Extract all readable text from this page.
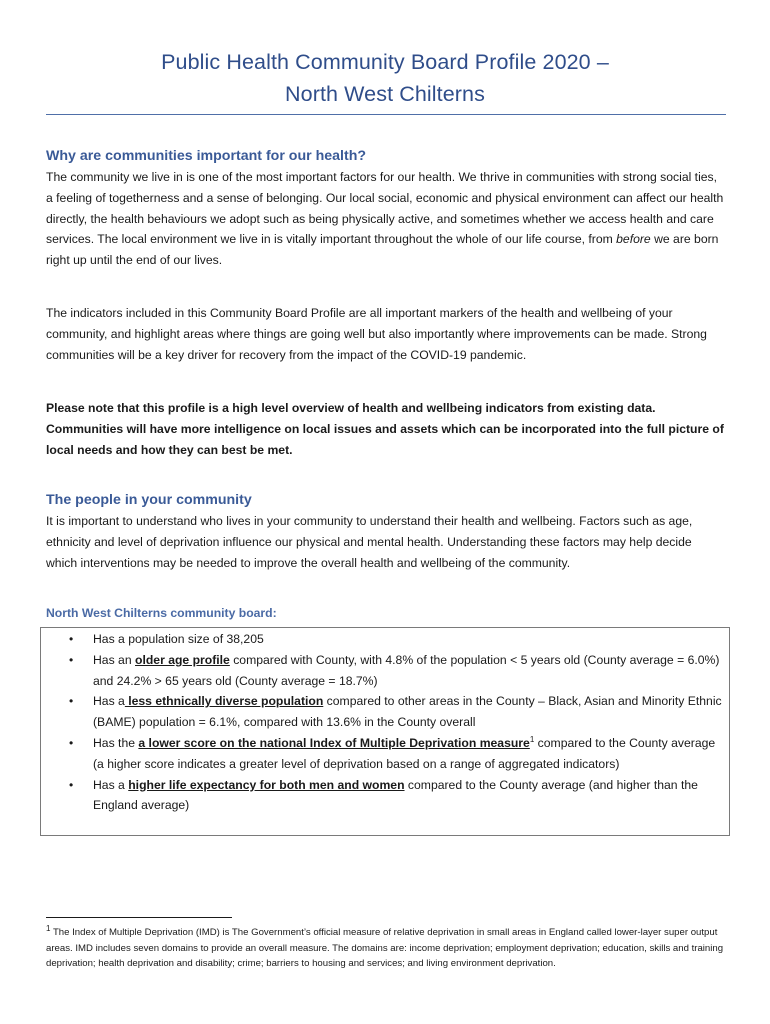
Public Health Community Board Profile 2020 –
North West Chilterns
Why are communities important for our health?
The community we live in is one of the most important factors for our health. We thrive in communities with strong social ties, a feeling of togetherness and a sense of belonging. Our local social, economic and physical environment can affect our health directly, the health behaviours we adopt such as being physically active, and sometimes whether we access health and care services. The local environment we live in is vitally important throughout the whole of our life course, from before we are born right up until the end of our lives.
The indicators included in this Community Board Profile are all important markers of the health and wellbeing of your community, and highlight areas where things are going well but also importantly where improvements can be made. Strong communities will be a key driver for recovery from the impact of the COVID-19 pandemic.
Please note that this profile is a high level overview of health and wellbeing indicators from existing data. Communities will have more intelligence on local issues and assets which can be incorporated into the full picture of local needs and how they can best be met.
The people in your community
It is important to understand who lives in your community to understand their health and wellbeing. Factors such as age, ethnicity and level of deprivation influence our physical and mental health. Understanding these factors may help decide which interventions may be needed to improve the overall health and wellbeing of the community.
North West Chilterns community board:
• Has a population size of 38,205
• Has an older age profile compared with County, with 4.8% of the population < 5 years old (County average = 6.0%) and 24.2% > 65 years old (County average = 18.7%)
• Has a less ethnically diverse population compared to other areas in the County – Black, Asian and Minority Ethnic (BAME) population = 6.1%, compared with 13.6% in the County overall
• Has the a lower score on the national Index of Multiple Deprivation measure$^1$ compared to the County average (a higher score indicates a greater level of deprivation based on a range of aggregated indicators)
• Has a higher life expectancy for both men and women compared to the County average (and higher than the England average)
$^1$ The Index of Multiple Deprivation (IMD) is The Government’s official measure of relative deprivation in small areas in England called lower-layer super output areas. IMD includes seven domains to provide an overall measure. The domains are: income deprivation; employment deprivation; education, skills and training deprivation; health deprivation and disability; crime; barriers to housing and services; and living environment deprivation.
